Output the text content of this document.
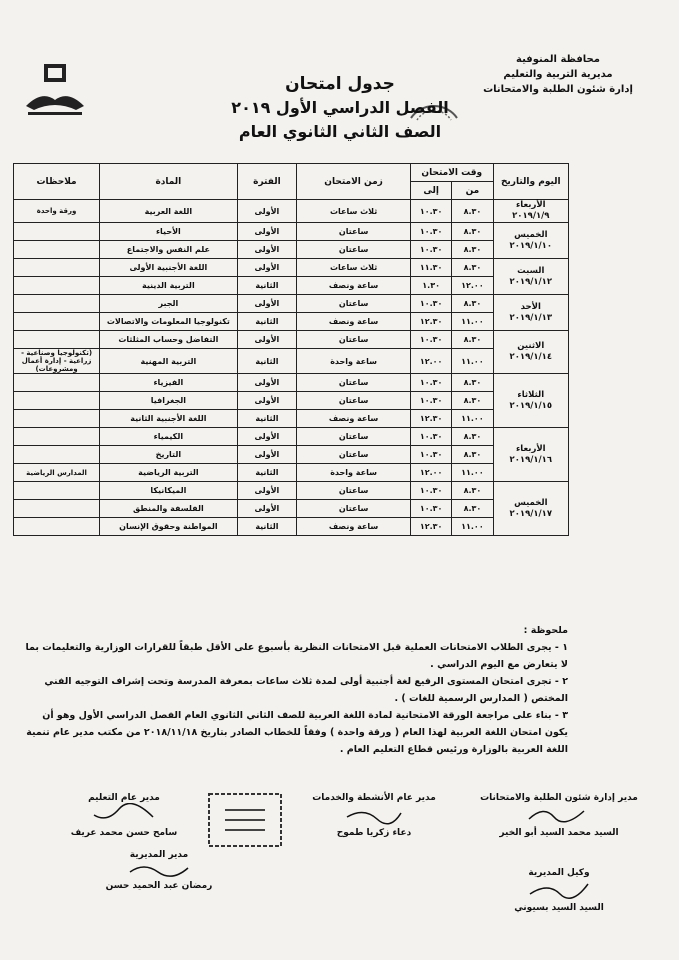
محافظة المنوفية
مديرية التربية والتعليم
إدارة شئون الطلبة والامتحانات
جدول امتحان
الفصل الدراسي الأول ٢٠١٩
الصف الثاني الثانوي العام
اليوم والتاريخ	وقت الامتحان		زمن الامتحان	الفترة	المادة	ملاحظات
	من	إلى				

الأربعاء
٢٠١٩/١/٩	٨.٣٠	١٠.٣٠	ثلاث ساعات	الأولى	اللغة العربية	ورقة واحدة

الخميس
٢٠١٩/١/١٠	٨.٣٠	١٠.٣٠	ساعتان	الأولى	الأحياء	
	٨.٣٠	١٠.٣٠	ساعتان	الأولى	علم النفس والاجتماع	

السبت
٢٠١٩/١/١٢	٨.٣٠	١١.٣٠	ثلاث ساعات	الأولى	اللغة الأجنبية الأولى	
	١٢.٠٠	١.٣٠	ساعة ونصف	الثانية	التربية الدينية	

الأحد
٢٠١٩/١/١٣	٨.٣٠	١٠.٣٠	ساعتان	الأولى	الجبر	
	١١.٠٠	١٢.٣٠	ساعة ونصف	الثانية	تكنولوجيا المعلومات والاتصالات	

الاثنين
٢٠١٩/١/١٤	٨.٣٠	١٠.٣٠	ساعتان	الأولى	التفاضل وحساب المثلثات	
	١١.٠٠	١٢.٠٠	ساعة واحدة	الثانية	التربية المهنية	(تكنولوجيا وصناعية - زراعية - إدارة أعمال ومشروعات)

الثلاثاء
٢٠١٩/١/١٥	٨.٣٠	١٠.٣٠	ساعتان	الأولى	الفيزياء	
	٨.٣٠	١٠.٣٠	ساعتان	الأولى	الجغرافيا	
	١١.٠٠	١٢.٣٠	ساعة ونصف	الثانية	اللغة الأجنبية الثانية	

الأربعاء
٢٠١٩/١/١٦	٨.٣٠	١٠.٣٠	ساعتان	الأولى	الكيمياء	
	٨.٣٠	١٠.٣٠	ساعتان	الأولى	التاريخ	
	١١.٠٠	١٢.٠٠	ساعة واحدة	الثانية	التربية الرياضية	المدارس الرياضية

الخميس
٢٠١٩/١/١٧	٨.٣٠	١٠.٣٠	ساعتان	الأولى	الميكانيكا	
	٨.٣٠	١٠.٣٠	ساعتان	الأولى	الفلسفة والمنطق	
	١١.٠٠	١٢.٣٠	ساعة ونصف	الثانية	المواطنة وحقوق الإنسان	

ملحوظة :

١ - يجرى الطلاب الامتحانات العملية قبل الامتحانات النظرية بأسبوع على الأقل طبقاً للقرارات الوزارية والتعليمات بما لا يتعارض مع اليوم الدراسي .

٢ - تجرى امتحان المستوى الرفيع لغة أجنبية أولى لمدة ثلاث ساعات بمعرفة المدرسة وتحت إشراف التوجيه الفني المختص ( المدارس الرسمية للغات ) .

٣ - بناء على مراجعة الورقة الامتحانية لمادة اللغة العربية للصف الثاني الثانوي العام الفصل الدراسي الأول وهو أن يكون امتحان اللغة العربية لهذا العام ( ورقة واحدة ) وفقاً للخطاب الصادر بتاريخ ٢٠١٨/١١/١٨ من مكتب مدير عام تنمية اللغة العربية بالوزارة ورئيس قطاع التعليم العام .

مدير إدارة شئون الطلبة والامتحانات
السيد محمد السيد أبو الخير
مدير عام الأنشطة والخدمات
دعاء زكريا طموح
مدير عام التعليم
سامح حسن محمد عريف
وكيل المديرية
السيد السيد بسيوني
مدير المديرية
رمضان عبد الحميد حسن
